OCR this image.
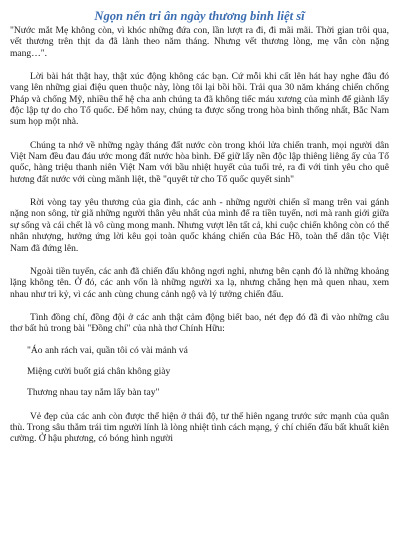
Ngọn nến tri ân ngày thương binh liệt sĩ

"Nước mắt Mẹ không còn, vì khóc những đứa con, lần lượt ra đi, đi mãi mãi. Thời gian trôi qua, vết thương trên thịt da đã lành theo năm tháng. Nhưng vết thương lòng, mẹ vẫn còn nặng mang…".

Lời bài hát thật hay, thật xúc động không các bạn. Cứ mỗi khi cất lên hát hay nghe đâu đó vang lên những giai điệu quen thuộc này, lòng tôi lại bồi hồi. Trải qua 30 năm kháng chiến chống Pháp và chống Mỹ, nhiều thế hệ cha anh chúng ta đã không tiếc máu xương của mình để giành lấy độc lập tự do cho Tổ quốc. Để hôm nay, chúng ta được sống trong hòa bình thống nhất, Bắc Nam sum họp một nhà.

Chúng ta nhớ về những ngày tháng đất nước còn trong khói lửa chiến tranh, mọi người dân Việt Nam đều đau đáu ước mong đất nước hòa bình. Để giữ lấy nền độc lập thiêng liêng ấy của Tổ quốc, hàng triệu thanh niên Việt Nam với bầu nhiệt huyết của tuổi trẻ, ra đi với tinh yêu cho quê hương đất nước với cùng mãnh liệt, thề "quyết tử cho Tổ quốc quyết sinh"

Rời vòng tay yêu thương của gia đình, các anh - những người chiến sĩ mang trên vai gánh nặng non sông, từ giã những người thân yêu nhất của mình để ra tiền tuyến, nơi mà ranh giới giữa sự sống và cái chết là vô cùng mong manh. Nhưng vượt lên tất cả, khi cuộc chiến không còn có thể nhân nhượng, hưởng ứng lời kêu gọi toàn quốc kháng chiến của Bác Hồ, toàn thể dân tộc Việt Nam đã đứng lên.

Ngoài tiền tuyến, các anh đã chiến đấu không ngơi nghỉ, nhưng bên cạnh đó là những khoảng lặng không tên. Ở đó, các anh vốn là những người xa lạ, nhưng chẳng hẹn mà quen nhau, xem nhau như tri kỷ, vì các anh cùng chung cảnh ngộ và lý tưởng chiến đấu.

Tình đồng chí, đồng đội ở các anh thật cảm động biết bao, nét đẹp đó đã đi vào những câu thơ bất hủ trong bài "Đồng chí" của nhà thơ Chính Hữu:

"Áo anh rách vai, quần tôi có vài mảnh vá

Miệng cười buốt giá chân không giày

Thương nhau tay nắm lấy bàn tay"

Vẻ đẹp của các anh còn được thể hiện ở thái độ, tư thế hiên ngang trước sức mạnh của quân thù. Trong sâu thẳm trái tim người lính là lòng nhiệt tình cách mạng, ý chí chiến đấu bất khuất kiên cường. Ở hậu phương, có bóng hình người
